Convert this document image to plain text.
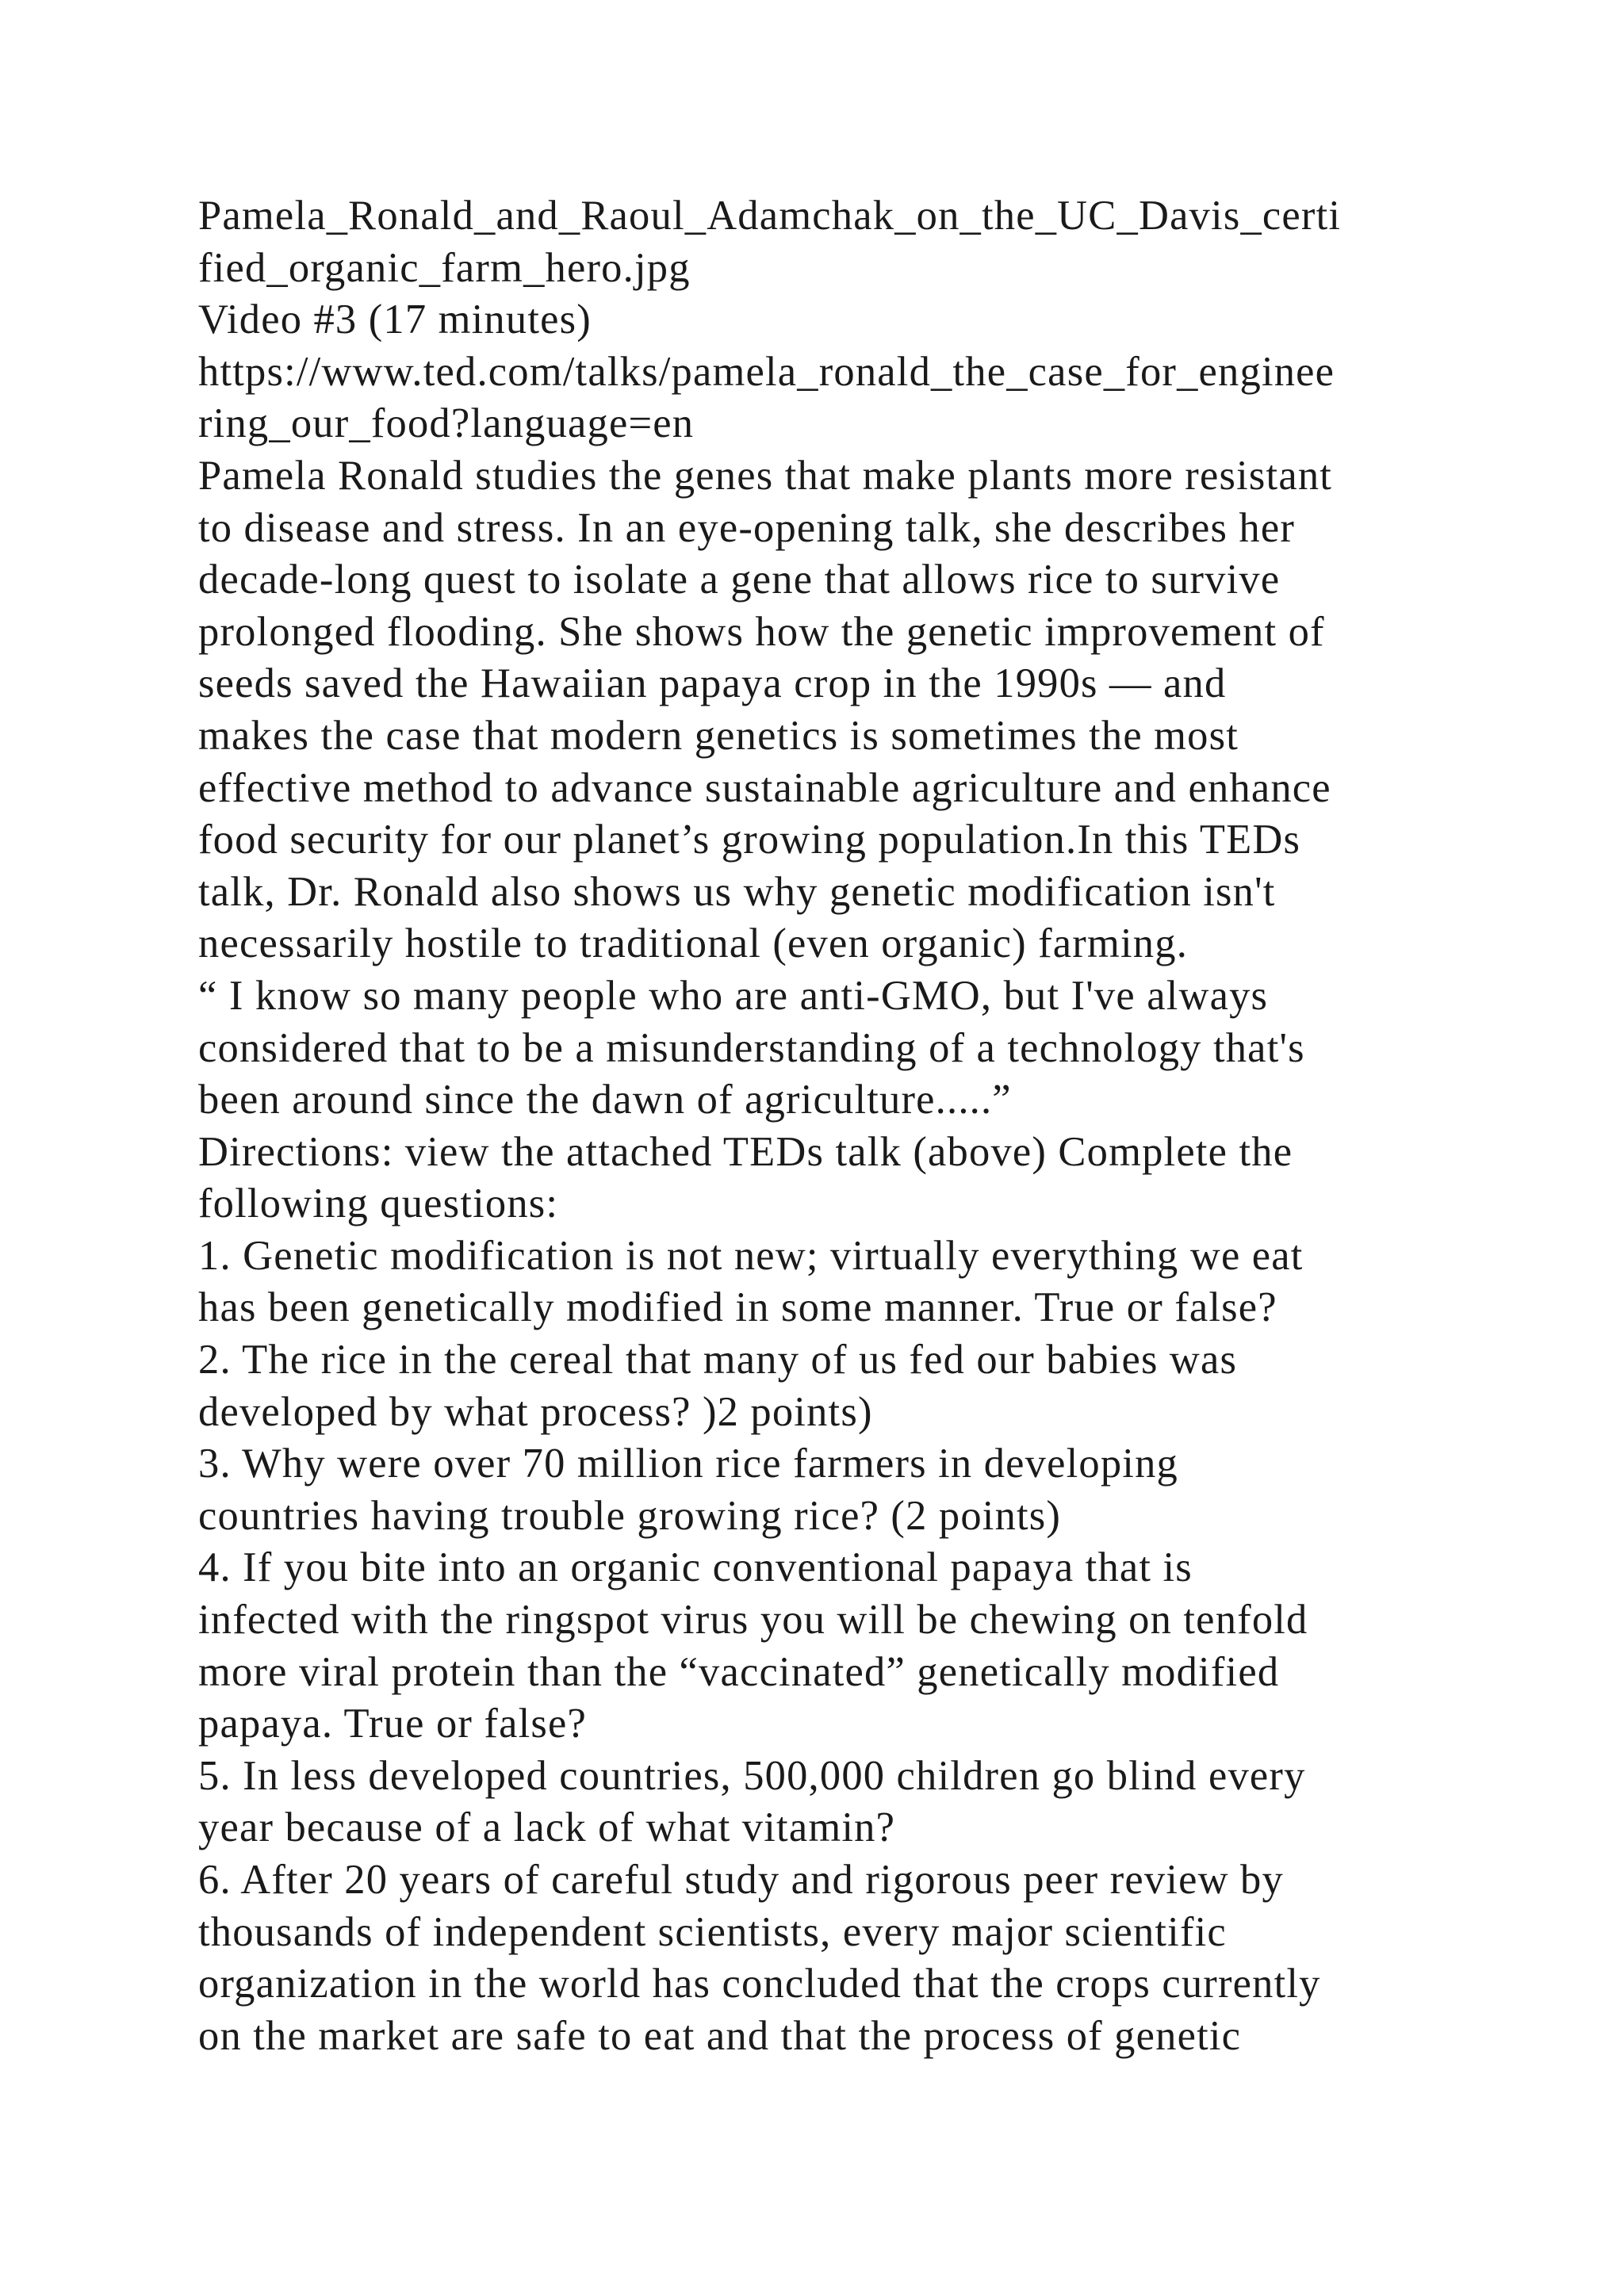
Pamela_Ronald_and_Raoul_Adamchak_on_the_UC_Davis_certi
fied_organic_farm_hero.jpg
Video #3 (17 minutes)
https://www.ted.com/talks/pamela_ronald_the_case_for_enginee
ring_our_food?language=en
Pamela Ronald studies the genes that make plants more resistant
to disease and stress. In an eye-opening talk, she describes her
decade-long quest to isolate a gene that allows rice to survive
prolonged flooding. She shows how the genetic improvement of
seeds saved the Hawaiian papaya crop in the 1990s — and
makes the case that modern genetics is sometimes the most
effective method to advance sustainable agriculture and enhance
food security for our planet’s growing population.In this TEDs
talk, Dr. Ronald also shows us why genetic modification isn't
necessarily hostile to traditional (even organic) farming.
“ I know so many people who are anti-GMO, but I've always
considered that to be a misunderstanding of a technology that's
been around since the dawn of agriculture.....”
Directions: view the attached TEDs talk (above) Complete the
following questions:
1. Genetic modification is not new; virtually everything we eat
has been genetically modified in some manner. True or false?
2. The rice in the cereal that many of us fed our babies was
developed by what process? )2 points)
3. Why were over 70 million rice farmers in developing
countries having trouble growing rice? (2 points)
4. If you bite into an organic conventional papaya that is
infected with the ringspot virus you will be chewing on tenfold
more viral protein than the “vaccinated” genetically modified
papaya. True or false?
5. In less developed countries, 500,000 children go blind every
year because of a lack of what vitamin?
6. After 20 years of careful study and rigorous peer review by
thousands of independent scientists, every major scientific
organization in the world has concluded that the crops currently
on the market are safe to eat and that the process of genetic
